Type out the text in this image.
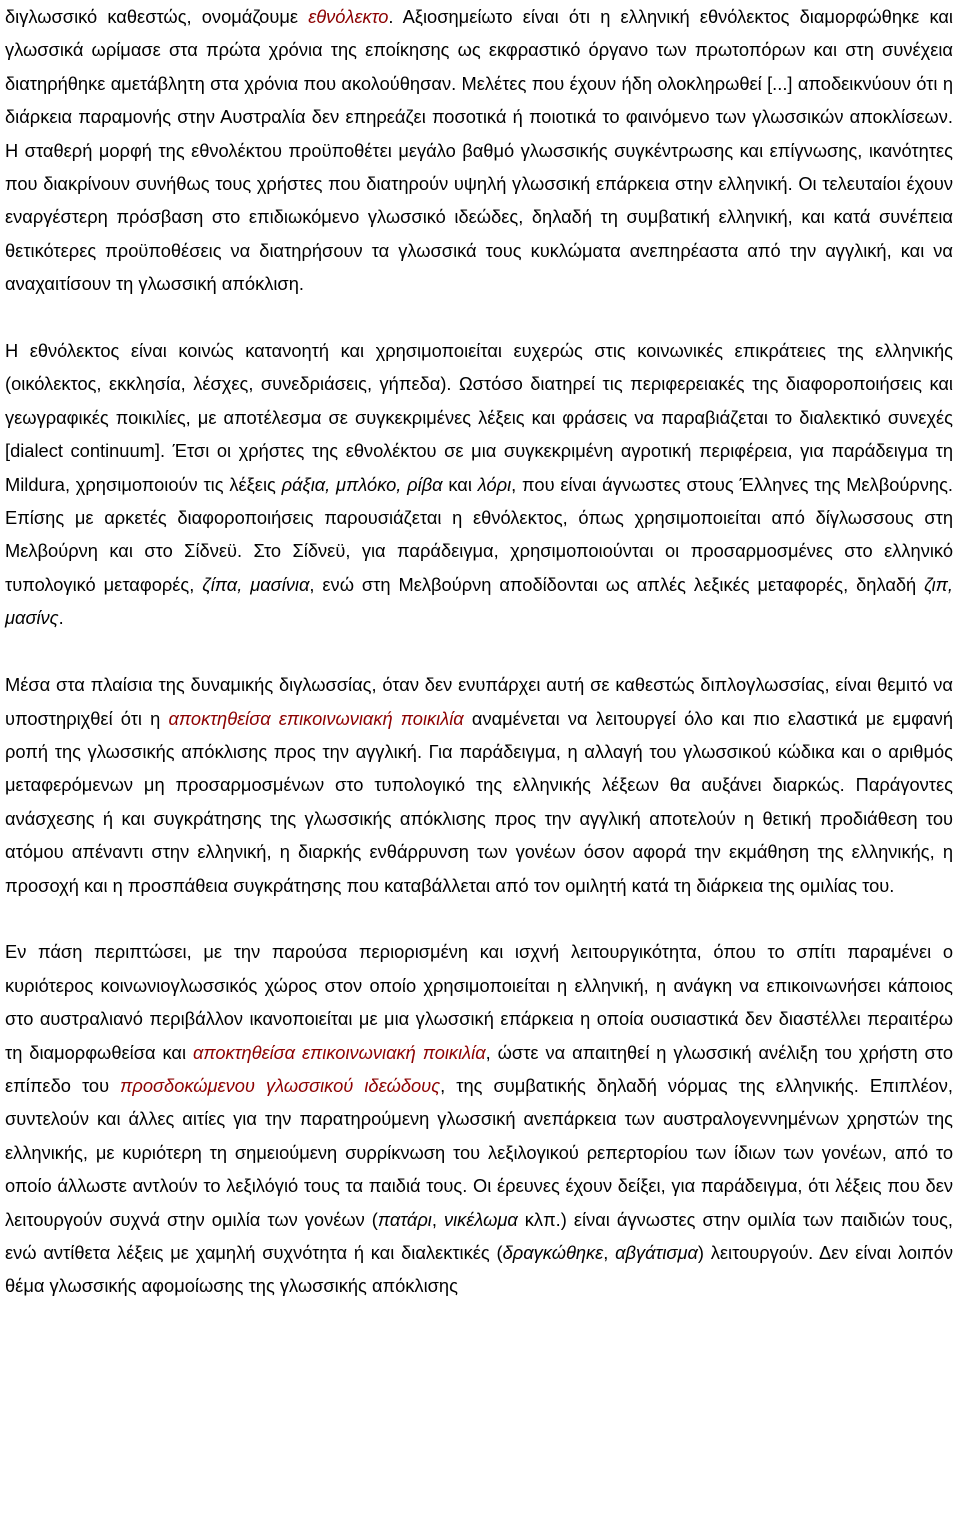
διγλωσσικό καθεστώς, ονομάζουμε εθνόλεκτο. Αξιοσημείωτο είναι ότι η ελληνική εθνόλεκτος διαμορφώθηκε και γλωσσικά ωρίμασε στα πρώτα χρόνια της εποίκησης ως εκφραστικό όργανο των πρωτοπόρων και στη συνέχεια διατηρήθηκε αμετάβλητη στα χρόνια που ακολούθησαν. Μελέτες που έχουν ήδη ολοκληρωθεί [...] αποδεικνύουν ότι η διάρκεια παραμονής στην Αυστραλία δεν επηρεάζει ποσοτικά ή ποιοτικά το φαινόμενο των γλωσσικών αποκλίσεων. Η σταθερή μορφή της εθνολέκτου προϋποθέτει μεγάλο βαθμό γλωσσικής συγκέντρωσης και επίγνωσης, ικανότητες που διακρίνουν συνήθως τους χρήστες που διατηρούν υψηλή γλωσσική επάρκεια στην ελληνική. Οι τελευταίοι έχουν εναργέστερη πρόσβαση στο επιδιωκόμενο γλωσσικό ιδεώδες, δηλαδή τη συμβατική ελληνική, και κατά συνέπεια θετικότερες προϋποθέσεις να διατηρήσουν τα γλωσσικά τους κυκλώματα ανεπηρέαστα από την αγγλική, και να αναχαιτίσουν τη γλωσσική απόκλιση.

Η εθνόλεκτος είναι κοινώς κατανοητή και χρησιμοποιείται ευχερώς στις κοινωνικές επικράτειες της ελληνικής (οικόλεκτος, εκκλησία, λέσχες, συνεδριάσεις, γήπεδα). Ωστόσο διατηρεί τις περιφερειακές της διαφοροποιήσεις και γεωγραφικές ποικιλίες, με αποτέλεσμα σε συγκεκριμένες λέξεις και φράσεις να παραβιάζεται το διαλεκτικό συνεχές [dialect continuum]. Έτσι οι χρήστες της εθνολέκτου σε μια συγκεκριμένη αγροτική περιφέρεια, για παράδειγμα τη Mildura, χρησιμοποιούν τις λέξεις ράξια, μπλόκο, ρίβα και λόρι, που είναι άγνωστες στους Έλληνες της Μελβούρνης. Επίσης με αρκετές διαφοροποιήσεις παρουσιάζεται η εθνόλεκτος, όπως χρησιμοποιείται από δίγλωσσους στη Μελβούρνη και στο Σίδνεϋ. Στο Σίδνεϋ, για παράδειγμα, χρησιμοποιούνται οι προσαρμοσμένες στο ελληνικό τυπολογικό μεταφορές, ζίπα, μασίνια, ενώ στη Μελβούρνη αποδίδονται ως απλές λεξικές μεταφορές, δηλαδή ζιπ, μασίνς.

Μέσα στα πλαίσια της δυναμικής διγλωσσίας, όταν δεν ενυπάρχει αυτή σε καθεστώς διπλογλωσσίας, είναι θεμιτό να υποστηριχθεί ότι η αποκτηθείσα επικοινωνιακή ποικιλία αναμένεται να λειτουργεί όλο και πιο ελαστικά με εμφανή ροπή της γλωσσικής απόκλισης προς την αγγλική. Για παράδειγμα, η αλλαγή του γλωσσικού κώδικα και ο αριθμός μεταφερόμενων μη προσαρμοσμένων στο τυπολογικό της ελληνικής λέξεων θα αυξάνει διαρκώς. Παράγοντες ανάσχεσης ή και συγκράτησης της γλωσσικής απόκλισης προς την αγγλική αποτελούν η θετική προδιάθεση του ατόμου απέναντι στην ελληνική, η διαρκής ενθάρρυνση των γονέων όσον αφορά την εκμάθηση της ελληνικής, η προσοχή και η προσπάθεια συγκράτησης που καταβάλλεται από τον ομιλητή κατά τη διάρκεια της ομιλίας του.

Εν πάση περιπτώσει, με την παρούσα περιορισμένη και ισχνή λειτουργικότητα, όπου το σπίτι παραμένει ο κυριότερος κοινωνιογλωσσικός χώρος στον οποίο χρησιμοποιείται η ελληνική, η ανάγκη να επικοινωνήσει κάποιος στο αυστραλιανό περιβάλλον ικανοποιείται με μια γλωσσική επάρκεια η οποία ουσιαστικά δεν διαστέλλει περαιτέρω τη διαμορφωθείσα και αποκτηθείσα επικοινωνιακή ποικιλία, ώστε να απαιτηθεί η γλωσσική ανέλιξη του χρήστη στο επίπεδο του προσδοκώμενου γλωσσικού ιδεώδους, της συμβατικής δηλαδή νόρμας της ελληνικής. Επιπλέον, συντελούν και άλλες αιτίες για την παρατηρούμενη γλωσσική ανεπάρκεια των αυστραλογεννημένων χρηστών της ελληνικής, με κυριότερη τη σημειούμενη συρρίκνωση του λεξιλογικού ρεπερτορίου των ίδιων των γονέων, από το οποίο άλλωστε αντλούν το λεξιλόγιό τους τα παιδιά τους. Οι έρευνες έχουν δείξει, για παράδειγμα, ότι λέξεις που δεν λειτουργούν συχνά στην ομιλία των γονέων (πατάρι, νικέλωμα κλπ.) είναι άγνωστες στην ομιλία των παιδιών τους, ενώ αντίθετα λέξεις με χαμηλή συχνότητα ή και διαλεκτικές (δραγκώθηκε, αβγάτισμα) λειτουργούν. Δεν είναι λοιπόν θέμα γλωσσικής αφομοίωσης της γλωσσικής απόκλισης
